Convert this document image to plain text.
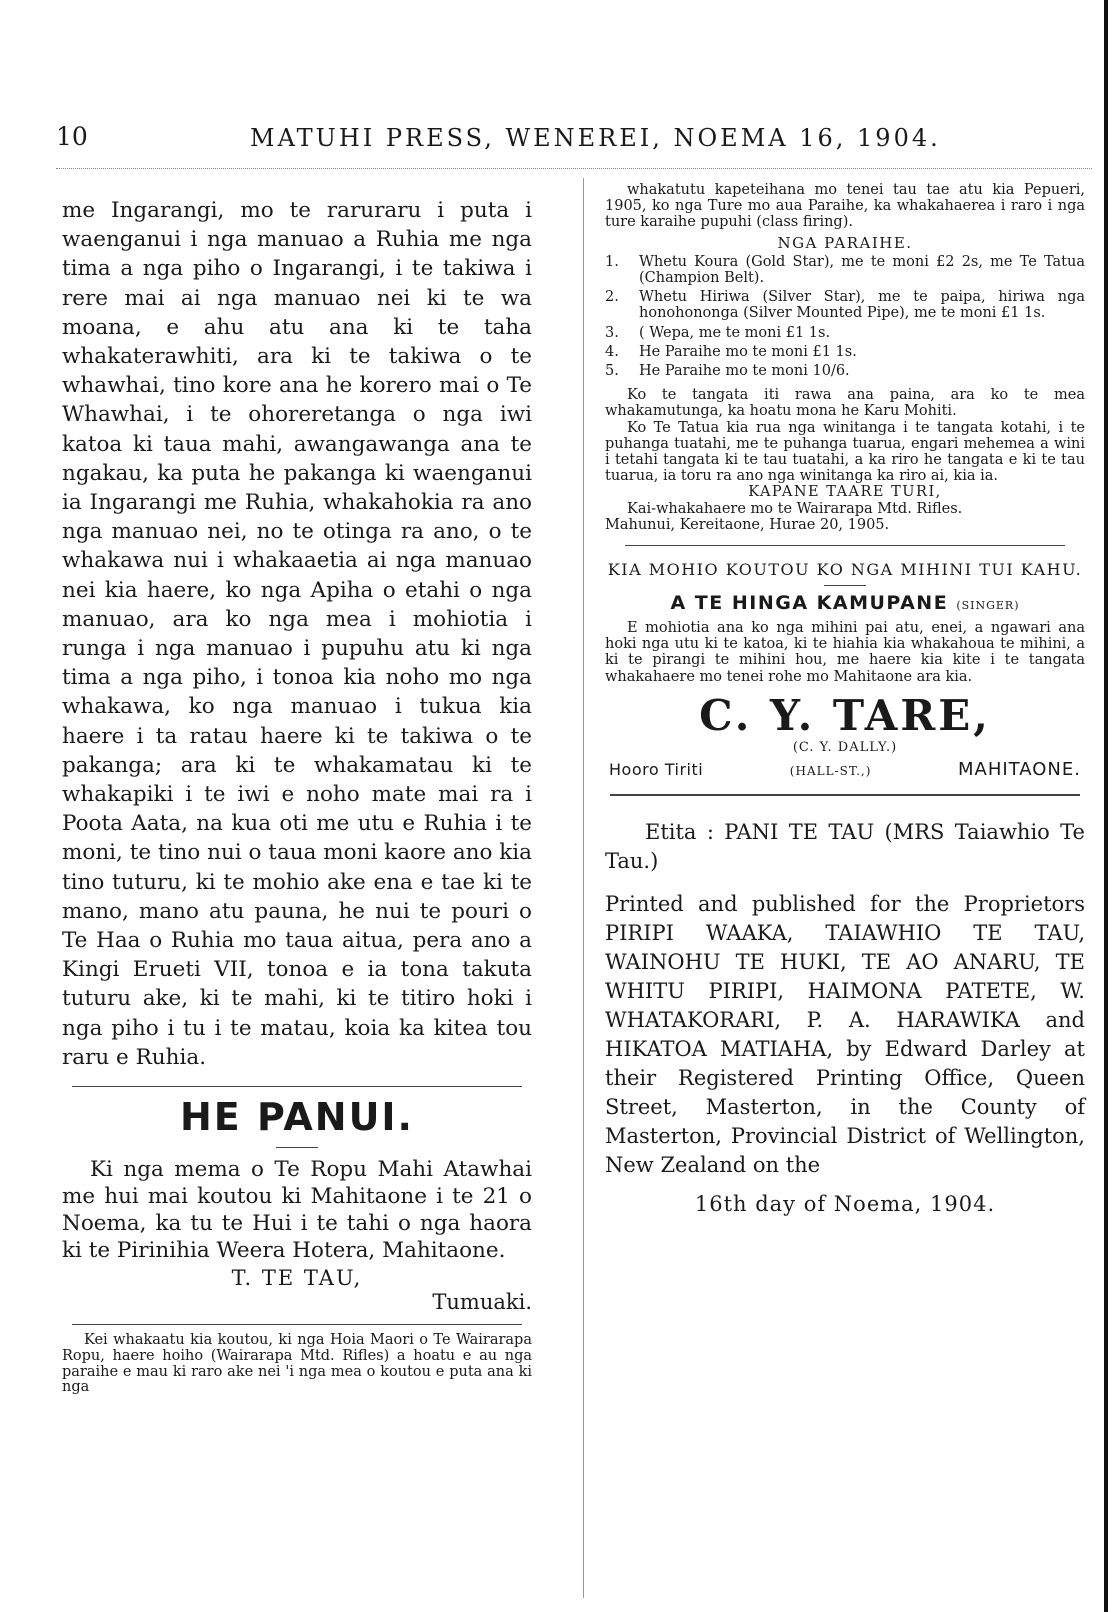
10	MATUHI PRESS, WENEREI, NOEMA 16, 1904.

me Ingarangi, mo te raruraru i puta i waenganui i nga manuao a Ruhia me nga tima a nga piho o Ingarangi, i te takiwa i rere mai ai nga manuao nei ki te wa moana, e ahu atu ana ki te taha whakaterawhiti, ara ki te takiwa o te whawhai, tino kore ana he korero mai o Te Whawhai, i te ohoreretanga o nga iwi katoa ki taua mahi, awangawanga ana te ngakau, ka puta he pakanga ki waenganui ia Ingarangi me Ruhia, whakahokia ra ano nga manuao nei, no te otinga ra ano, o te whakawa nui i whakaaetia ai nga manuao nei kia haere, ko nga Apiha o etahi o nga manuao, ara ko nga mea i mohiotia i runga i nga manuao i pupuhu atu ki nga tima a nga piho, i tonoa kia noho mo nga whakawa, ko nga manuao i tukua kia haere i ta ratau haere ki te takiwa o te pakanga; ara ki te whakamatau ki te whakapiki i te iwi e noho mate mai ra i Poota Aata, na kua oti me utu e Ruhia i te moni, te tino nui o taua moni kaore ano kia tino tuturu, ki te mohio ake ena e tae ki te mano, mano atu pauna, he nui te pouri o Te Haa o Ruhia mo taua aitua, pera ano a Kingi Erueti VII, tonoa e ia tona takuta tuturu ake, ki te mahi, ki te titiro hoki i nga piho i tu i te matau, koia ka kitea tou raru e Ruhia.

HE PANUI.

Ki nga mema o Te Ropu Mahi Atawhai me hui mai koutou ki Mahitaone i te 21 o Noema, ka tu te Hui i te tahi o nga haora ki te Pirinihia Weera Hotera, Mahitaone.

T. TE TAU,

Tumuaki.

Kei whakaatu kia koutou, ki nga Hoia Maori o Te Wairarapa Ropu, haere hoiho (Wairarapa Mtd. Rifles) a hoatu e au nga paraihe e mau ki raro ake nei 'i nga mea o koutou e puta ana ki nga

whakatutu kapeteihana mo tenei tau tae atu kia Pepueri, 1905, ko nga Ture mo aua Paraihe, ka whakahaerea i raro i nga ture karaihe pupuhi (class firing).

NGA PARAIHE.

1.	Whetu Koura (Gold Star), me te moni £2 2s, me Te Tatua (Champion Belt).
2.	Whetu Hiriwa (Silver Star), me te paipa, hiriwa nga honohononga (Silver Mounted Pipe), me te moni £1 1s.
3.	( Wepa, me te moni £1 1s.
4.	He Paraihe mo te moni £1 1s.
5.	He Paraihe mo te moni 10/6.

Ko te tangata iti rawa ana paina, ara ko te mea whakamutunga, ka hoatu mona he Karu Mohiti.

Ko Te Tatua kia rua nga winitanga i te tangata kotahi, i te puhanga tuatahi, me te puhanga tuarua, engari mehemea a wini i tetahi tangata ki te tau tuatahi, a ka riro he tangata e ki te tau tuarua, ia toru ra ano nga winitanga ka riro ai, kia ia.

KAPANE TAARE TURI,

Kai-whakahaere mo te Wairarapa Mtd. Rifles.

Mahunui, Kereitaone, Hurae 20, 1905.

KIA MOHIO KOUTOU KO NGA MIHINI TUI KAHU.

A TE HINGA KAMUPANE (SINGER)

E mohiotia ana ko nga mihini pai atu, enei, a ngawari ana hoki nga utu ki te katoa, ki te hiahia kia whakahoua te mihini, a ki te pirangi te mihini hou, me haere kia kite i te tangata whakahaere mo tenei rohe mo Mahitaone ara kia.

C. Y. TARE,
(C. Y. DALLY.)
Hooro Tiriti	(HALL-ST.,)	MAHITAONE.

Etita : PANI TE TAU (MRS Taiawhio Te Tau.)

Printed and published for the Proprietors PIRIPI WAAKA, TAIAWHIO TE TAU, WAINOHU TE HUKI, TE AO ANARU, TE WHITU PIRIPI, HAIMONA PATETE, W. WHATAKORARI, P. A. HARAWIKA and HIKATOA MATIAHA, by Edward Darley at their Registered Printing Office, Queen Street, Masterton, in the County of Masterton, Provincial District of Wellington, New Zealand on the

16th day of Noema, 1904.
